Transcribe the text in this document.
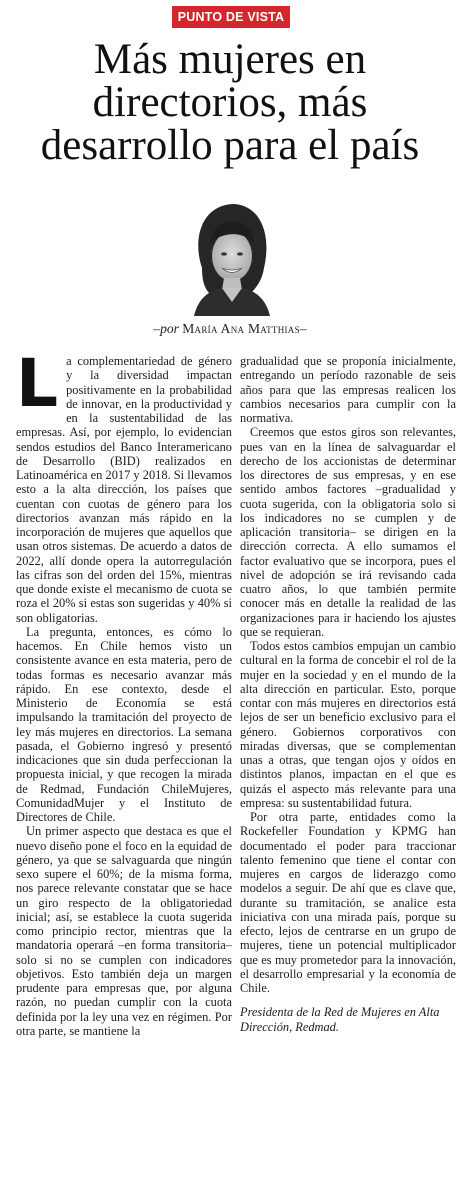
PUNTO DE VISTA
Más mujeres en
directorios, más
desarrollo para el país
–por María Ana Matthias–

La complementariedad de género y la diversidad impactan positivamente en la probabilidad de innovar, en la productividad y en la sustentabilidad de las empresas. Así, por ejemplo, lo evidencian sendos estudios del Banco Interamericano de Desarrollo (BID) realizados en Latinoamérica en 2017 y 2018. Si llevamos esto a la alta dirección, los países que cuentan con cuotas de género para los directorios avanzan más rápido en la incorporación de mujeres que aquellos que usan otros sistemas. De acuerdo a datos de 2022, allí donde opera la autorregulación las cifras son del orden del 15%, mientras que donde existe el mecanismo de cuota se roza el 20% si estas son sugeridas y 40% si son obligatorias.

La pregunta, entonces, es cómo lo hacemos. En Chile hemos visto un consistente avance en esta materia, pero de todas formas es necesario avanzar más rápido. En ese contexto, desde el Ministerio de Economía se está impulsando la tramitación del proyecto de ley más mujeres en directorios. La semana pasada, el Gobierno ingresó y presentó indicaciones que sin duda perfeccionan la propuesta inicial, y que recogen la mirada de Redmad, Fundación ChileMujeres, ComunidadMujer y el Instituto de Directores de Chile.

Un primer aspecto que destaca es que el nuevo diseño pone el foco en la equidad de género, ya que se salvaguarda que ningún sexo supere el 60%; de la misma forma, nos parece relevante constatar que se hace un giro respecto de la obligatoriedad inicial; así, se establece la cuota sugerida como principio rector, mientras que la mandatoria operará –en forma transitoria– solo si no se cumplen con indicadores objetivos. Esto también deja un margen prudente para empresas que, por alguna razón, no puedan cumplir con la cuota definida por la ley una vez en régimen. Por otra parte, se mantiene la

gradualidad que se proponía inicialmente, entregando un período razonable de seis años para que las empresas realicen los cambios necesarios para cumplir con la normativa.

Creemos que estos giros son relevantes, pues van en la línea de salvaguardar el derecho de los accionistas de determinar los directores de sus empresas, y en ese sentido ambos factores –gradualidad y cuota sugerida, con la obligatoria solo si los indicadores no se cumplen y de aplicación transitoria– se dirigen en la dirección correcta. A ello sumamos el factor evaluativo que se incorpora, pues el nivel de adopción se irá revisando cada cuatro años, lo que también permite conocer más en detalle la realidad de las organizaciones para ir haciendo los ajustes que se requieran.

Todos estos cambios empujan un cambio cultural en la forma de concebir el rol de la mujer en la sociedad y en el mundo de la alta dirección en particular. Esto, porque contar con más mujeres en directorios está lejos de ser un beneficio exclusivo para el género. Gobiernos corporativos con miradas diversas, que se complementan unas a otras, que tengan ojos y oídos en distintos planos, impactan en el que es quizás el aspecto más relevante para una empresa: su sustentabilidad futura.

Por otra parte, entidades como la Rockefeller Foundation y KPMG han documentado el poder para traccionar talento femenino que tiene el contar con mujeres en cargos de liderazgo como modelos a seguir. De ahí que es clave que, durante su tramitación, se analice esta iniciativa con una mirada país, porque su efecto, lejos de centrarse en un grupo de mujeres, tiene un potencial multiplicador que es muy prometedor para la innovación, el desarrollo empresarial y la economía de Chile.

Presidenta de la Red de Mujeres en Alta Dirección, Redmad.
